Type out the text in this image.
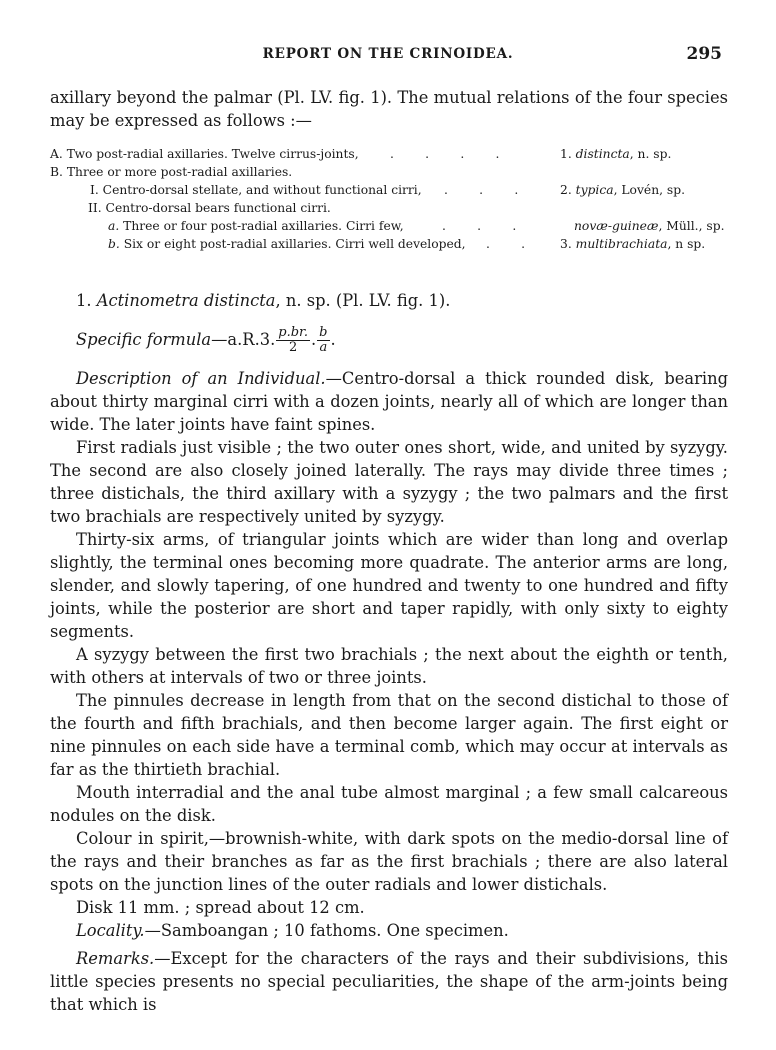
REPORT ON THE CRINOIDEA.	295

axillary beyond the palmar (Pl. LV. fig. 1). The mutual relations of the four species may be expressed as follows :—

A. Two post-radial axillaries. Twelve cirrus-joints,	.        .        .        .	1. distincta, n. sp.
B. Three or more post-radial axillaries.
I. Centro-dorsal stellate, and without functional cirri, .        .        .	2. typica, Lovén, sp.
II. Centro-dorsal bears functional cirri.
a. Three or four post-radial axillaries. Cirri few,	.        .        .	novæ-guineæ, Müll., sp.
b. Six or eight post-radial axillaries. Cirri well developed, .        .	3. multibrachiata, n sp.
1. Actinometra distincta, n. sp. (Pl. LV. fig. 1).
Specific formula—a.R.3. $\frac{p.br.}{2}$ . $\frac{b}{a}$ .

Description of an Individual.—Centro-dorsal a thick rounded disk, bearing about thirty marginal cirri with a dozen joints, nearly all of which are longer than wide. The later joints have faint spines.

First radials just visible ; the two outer ones short, wide, and united by syzygy. The second are also closely joined laterally. The rays may divide three times ; three distichals, the third axillary with a syzygy ; the two palmars and the first two brachials are respectively united by syzygy.

Thirty-six arms, of triangular joints which are wider than long and overlap slightly, the terminal ones becoming more quadrate. The anterior arms are long, slender, and slowly tapering, of one hundred and twenty to one hundred and fifty joints, while the posterior are short and taper rapidly, with only sixty to eighty segments.

A syzygy between the first two brachials ; the next about the eighth or tenth, with others at intervals of two or three joints.

The pinnules decrease in length from that on the second distichal to those of the fourth and fifth brachials, and then become larger again. The first eight or nine pinnules on each side have a terminal comb, which may occur at intervals as far as the thirtieth brachial.

Mouth interradial and the anal tube almost marginal ; a few small calcareous nodules on the disk.

Colour in spirit,—brownish-white, with dark spots on the medio-dorsal line of the rays and their branches as far as the first brachials ; there are also lateral spots on the junction lines of the outer radials and lower distichals.

Disk 11 mm. ; spread about 12 cm.

Locality.—Samboangan ; 10 fathoms. One specimen.

Remarks.—Except for the characters of the rays and their subdivisions, this little species presents no special peculiarities, the shape of the arm-joints being that which is
